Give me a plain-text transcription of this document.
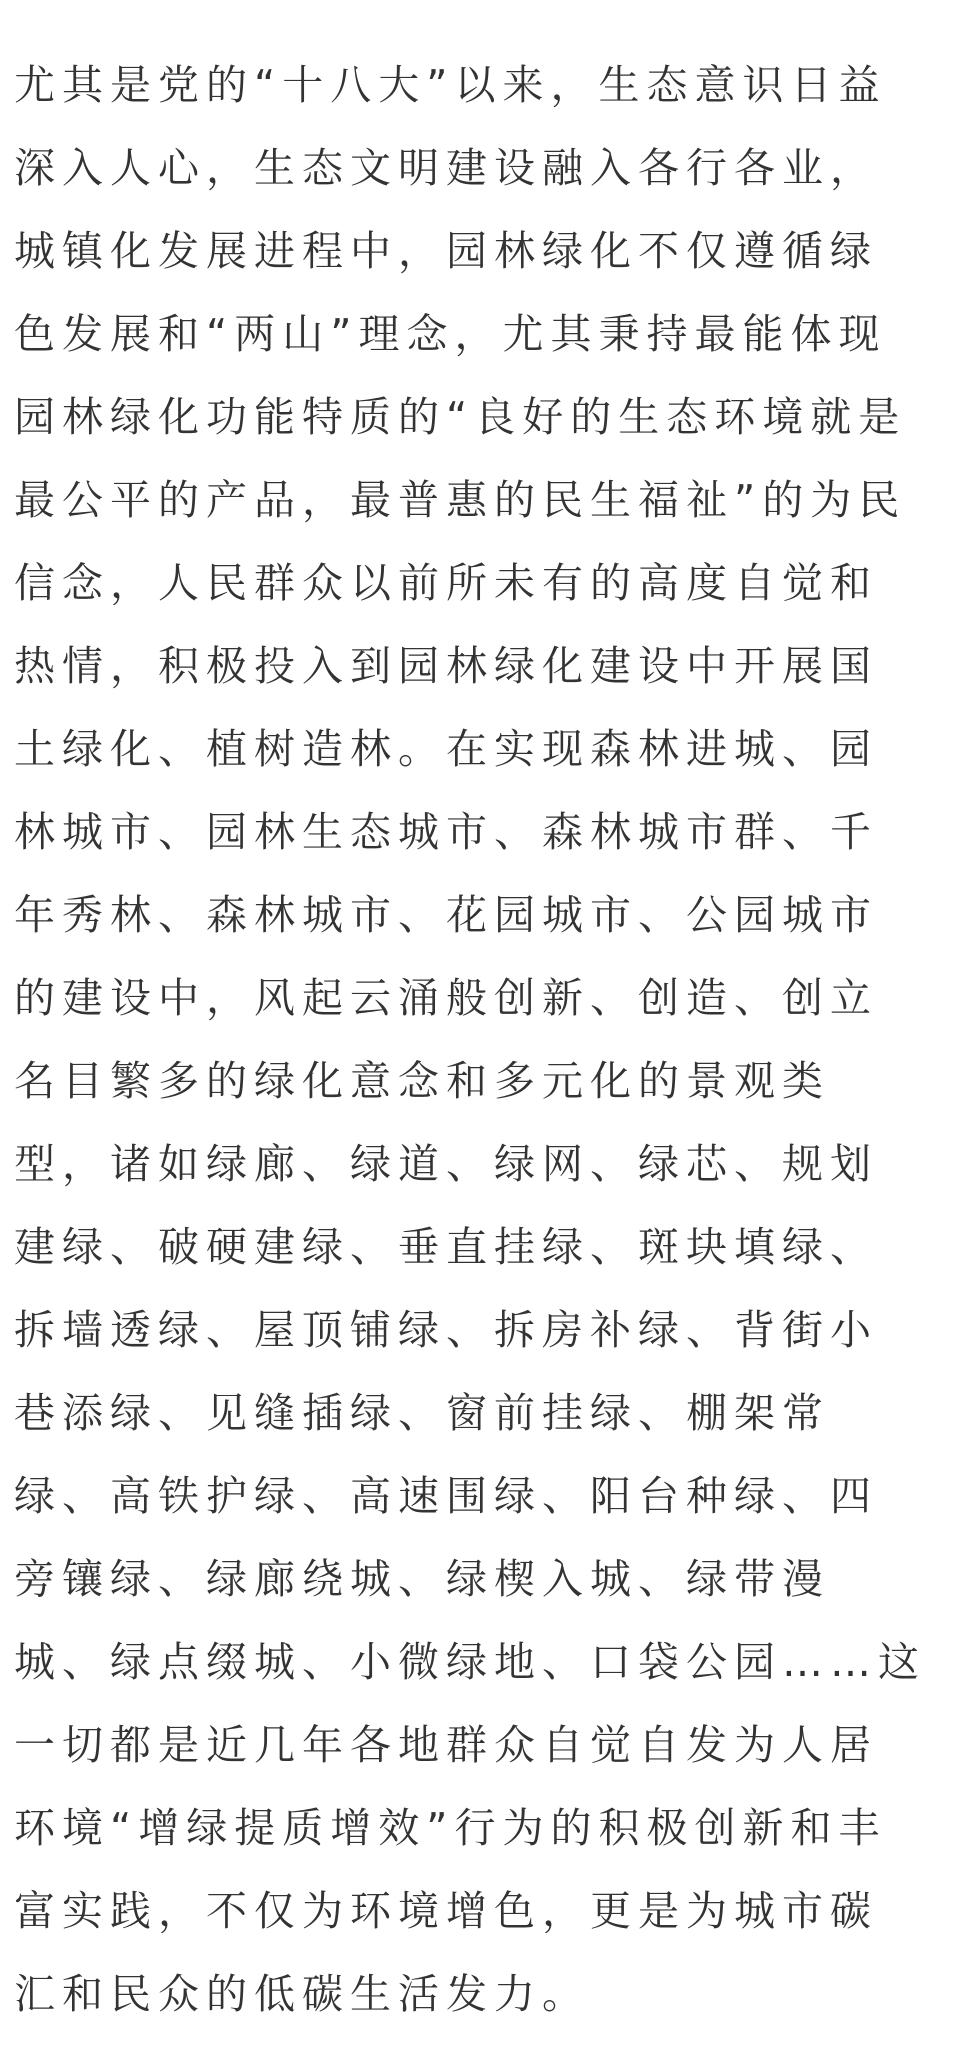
尤其是党的“十八大”以来，生态意识日益
深入人心，生态文明建设融入各行各业，
城镇化发展进程中，园林绿化不仅遵循绿
色发展和“两山”理念，尤其秉持最能体现
园林绿化功能特质的“良好的生态环境就是
最公平的产品，最普惠的民生福祉”的为民
信念，人民群众以前所未有的高度自觉和
热情，积极投入到园林绿化建设中开展国
土绿化、植树造林。在实现森林进城、园
林城市、园林生态城市、森林城市群、千
年秀林、森林城市、花园城市、公园城市
的建设中，风起云涌般创新、创造、创立
名目繁多的绿化意念和多元化的景观类
型，诸如绿廊、绿道、绿网、绿芯、规划
建绿、破硬建绿、垂直挂绿、斑块填绿、
拆墙透绿、屋顶铺绿、拆房补绿、背街小
巷添绿、见缝插绿、窗前挂绿、棚架常
绿、高铁护绿、高速围绿、阳台种绿、四
旁镶绿、绿廊绕城、绿楔入城、绿带漫
城、绿点缀城、小微绿地、口袋公园……这
一切都是近几年各地群众自觉自发为人居
环境“增绿提质增效”行为的积极创新和丰
富实践，不仅为环境增色，更是为城市碳
汇和民众的低碳生活发力。
